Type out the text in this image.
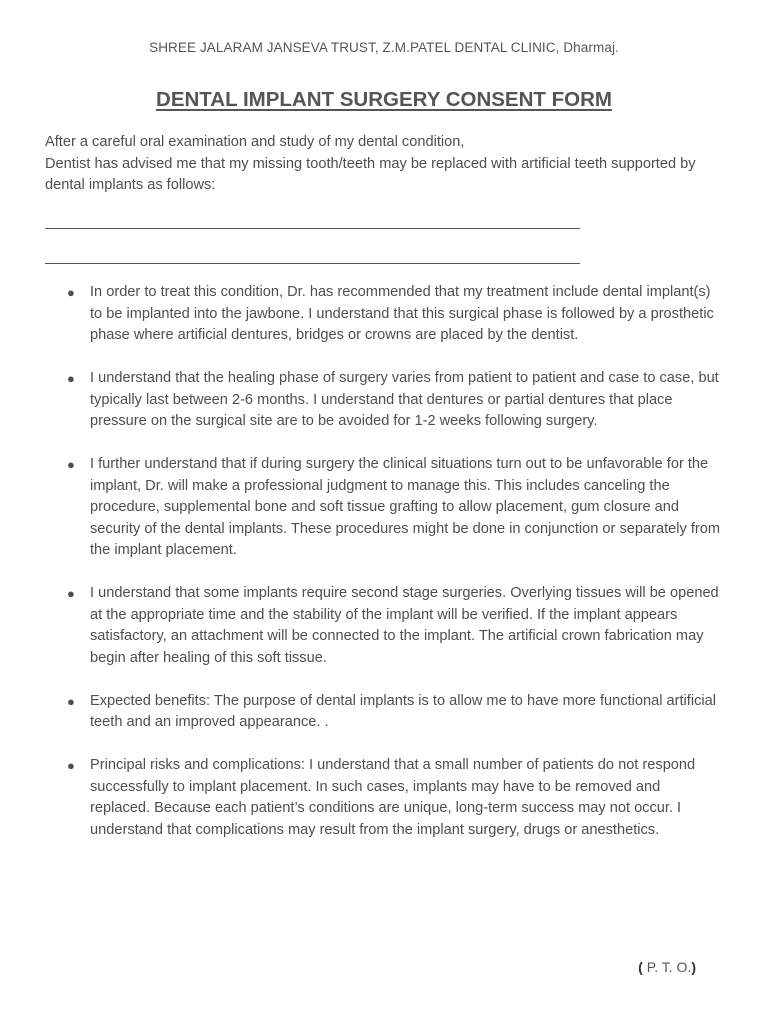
SHREE JALARAM JANSEVA TRUST, Z.M.PATEL DENTAL CLINIC, Dharmaj.
DENTAL IMPLANT SURGERY CONSENT FORM

After a careful oral examination and study of my dental condition,

Dentist has advised me that my missing tooth/teeth may be replaced with artificial teeth supported by dental implants as follows:

● In order to treat this condition, Dr. has recommended that my treatment include dental implant(s) to be implanted into the jawbone. I understand that this surgical phase is followed by a prosthetic phase where artificial dentures, bridges or crowns are placed by the dentist.
● I understand that the healing phase of surgery varies from patient to patient and case to case, but typically last between 2-6 months. I understand that dentures or partial dentures that place pressure on the surgical site are to be avoided for 1-2 weeks following surgery.
● I further understand that if during surgery the clinical situations turn out to be unfavorable for the implant, Dr. will make a professional judgment to manage this. This includes canceling the procedure, supplemental bone and soft tissue grafting to allow placement, gum closure and security of the dental implants. These procedures might be done in conjunction or separately from the implant placement.
● I understand that some implants require second stage surgeries. Overlying tissues will be opened at the appropriate time and the stability of the implant will be verified. If the implant appears satisfactory, an attachment will be connected to the implant. The artificial crown fabrication may begin after healing of this soft tissue.
● Expected benefits: The purpose of dental implants is to allow me to have more functional artificial teeth and an improved appearance. .
● Principal risks and complications: I understand that a small number of patients do not respond successfully to implant placement. In such cases, implants may have to be removed and replaced. Because each patient’s conditions are unique, long-term success may not occur. I understand that complications may result from the implant surgery, drugs or anesthetics.
( P. T. O.)
